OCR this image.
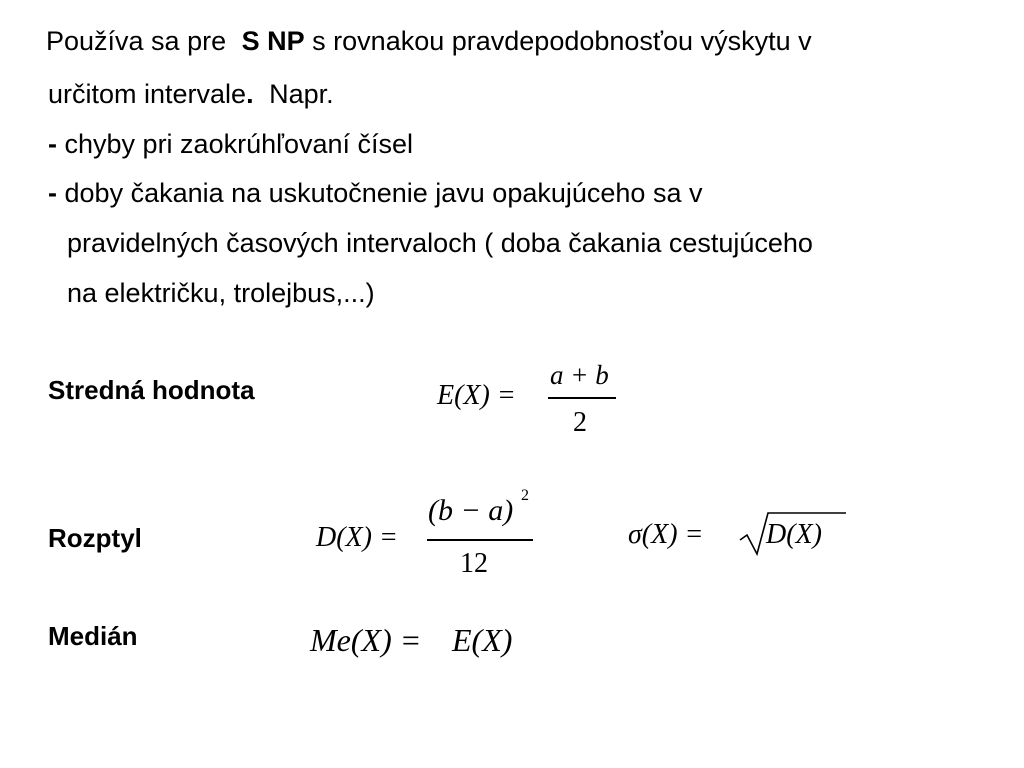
Používa sa pre S NP s rovnakou pravdepodobnosťou výskytu v
určitom intervale. Napr.
- chyby pri zaokrúhľovaní čísel
- doby čakania na uskutočnenie javu opakujúceho sa v
pravidelných časových intervaloch ( doba čakania cestujúceho
na električku, trolejbus,...)
Stredná hodnota
Rozptyl
Medián
E(X) =
a + b
2
D(X) =
(b − a) 2
12
σ(X) = D(X)
Me(X) = E(X)
